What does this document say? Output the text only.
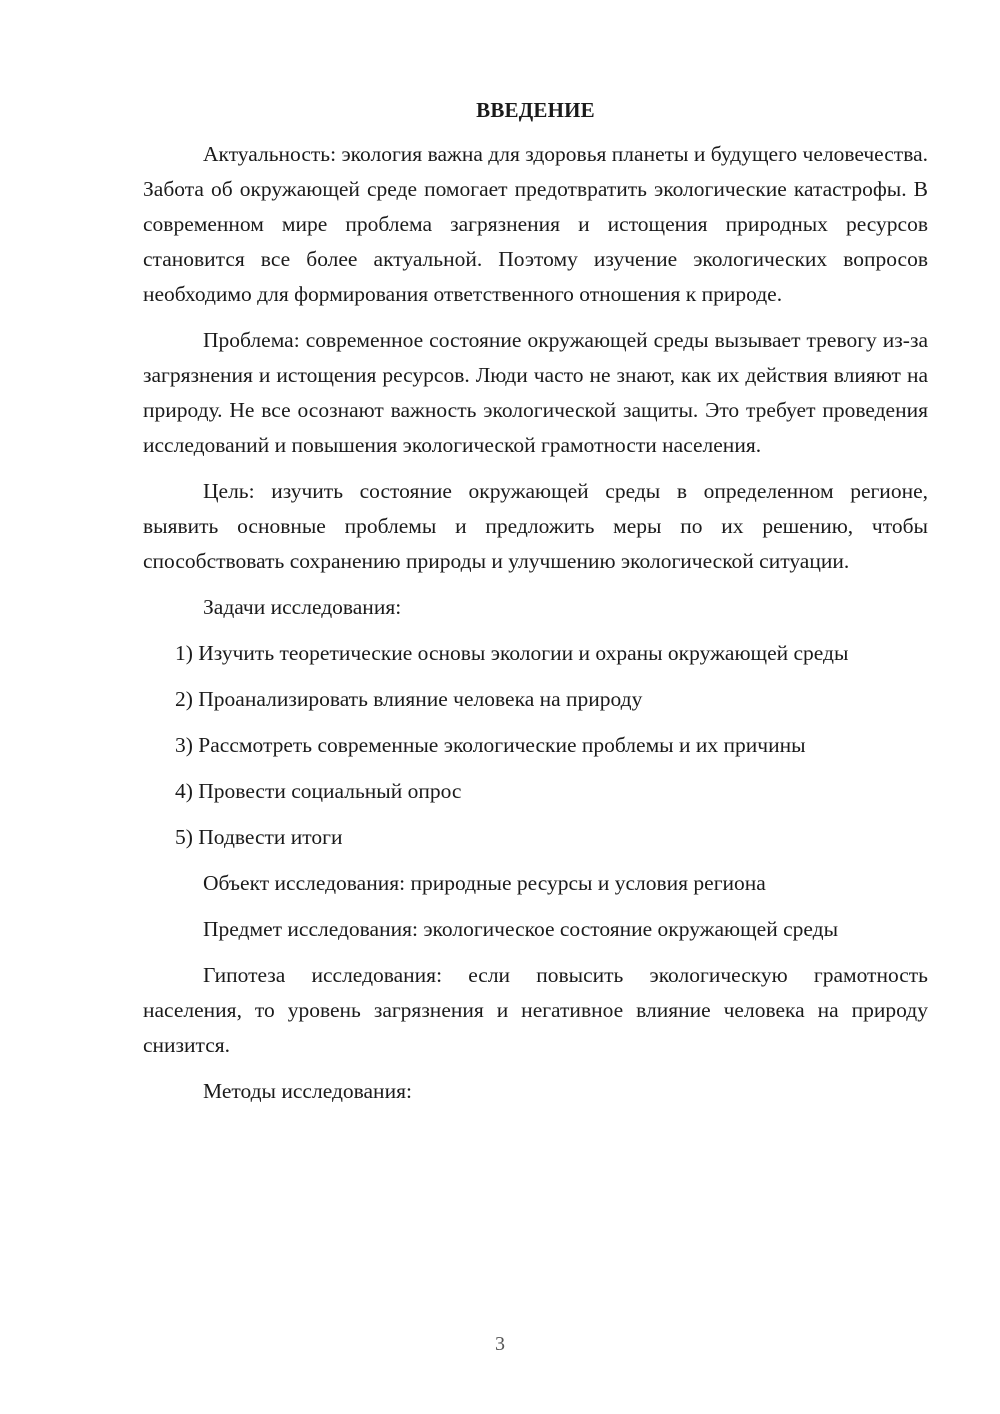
ВВЕДЕНИЕ

Актуальность: экология важна для здоровья планеты и будущего человечества. Забота об окружающей среде помогает предотвратить экологические катастрофы. В современном мире проблема загрязнения и истощения природных ресурсов становится все более актуальной. Поэтому изучение экологических вопросов необходимо для формирования ответственного отношения к природе.

Проблема: современное состояние окружающей среды вызывает тревогу из-за загрязнения и истощения ресурсов. Люди часто не знают, как их действия влияют на природу. Не все осознают важность экологической защиты. Это требует проведения исследований и повышения экологической грамотности населения.

Цель: изучить состояние окружающей среды в определенном регионе, выявить основные проблемы и предложить меры по их решению, чтобы способствовать сохранению природы и улучшению экологической ситуации.

Задачи исследования:

1) Изучить теоретические основы экологии и охраны окружающей среды

2) Проанализировать влияние человека на природу

3) Рассмотреть современные экологические проблемы и их причины

4) Провести социальный опрос

5) Подвести итоги

Объект исследования: природные ресурсы и условия региона

Предмет исследования: экологическое состояние окружающей среды

Гипотеза исследования: если повысить экологическую грамотность населения, то уровень загрязнения и негативное влияние человека на природу снизится.

Методы исследования:

3
